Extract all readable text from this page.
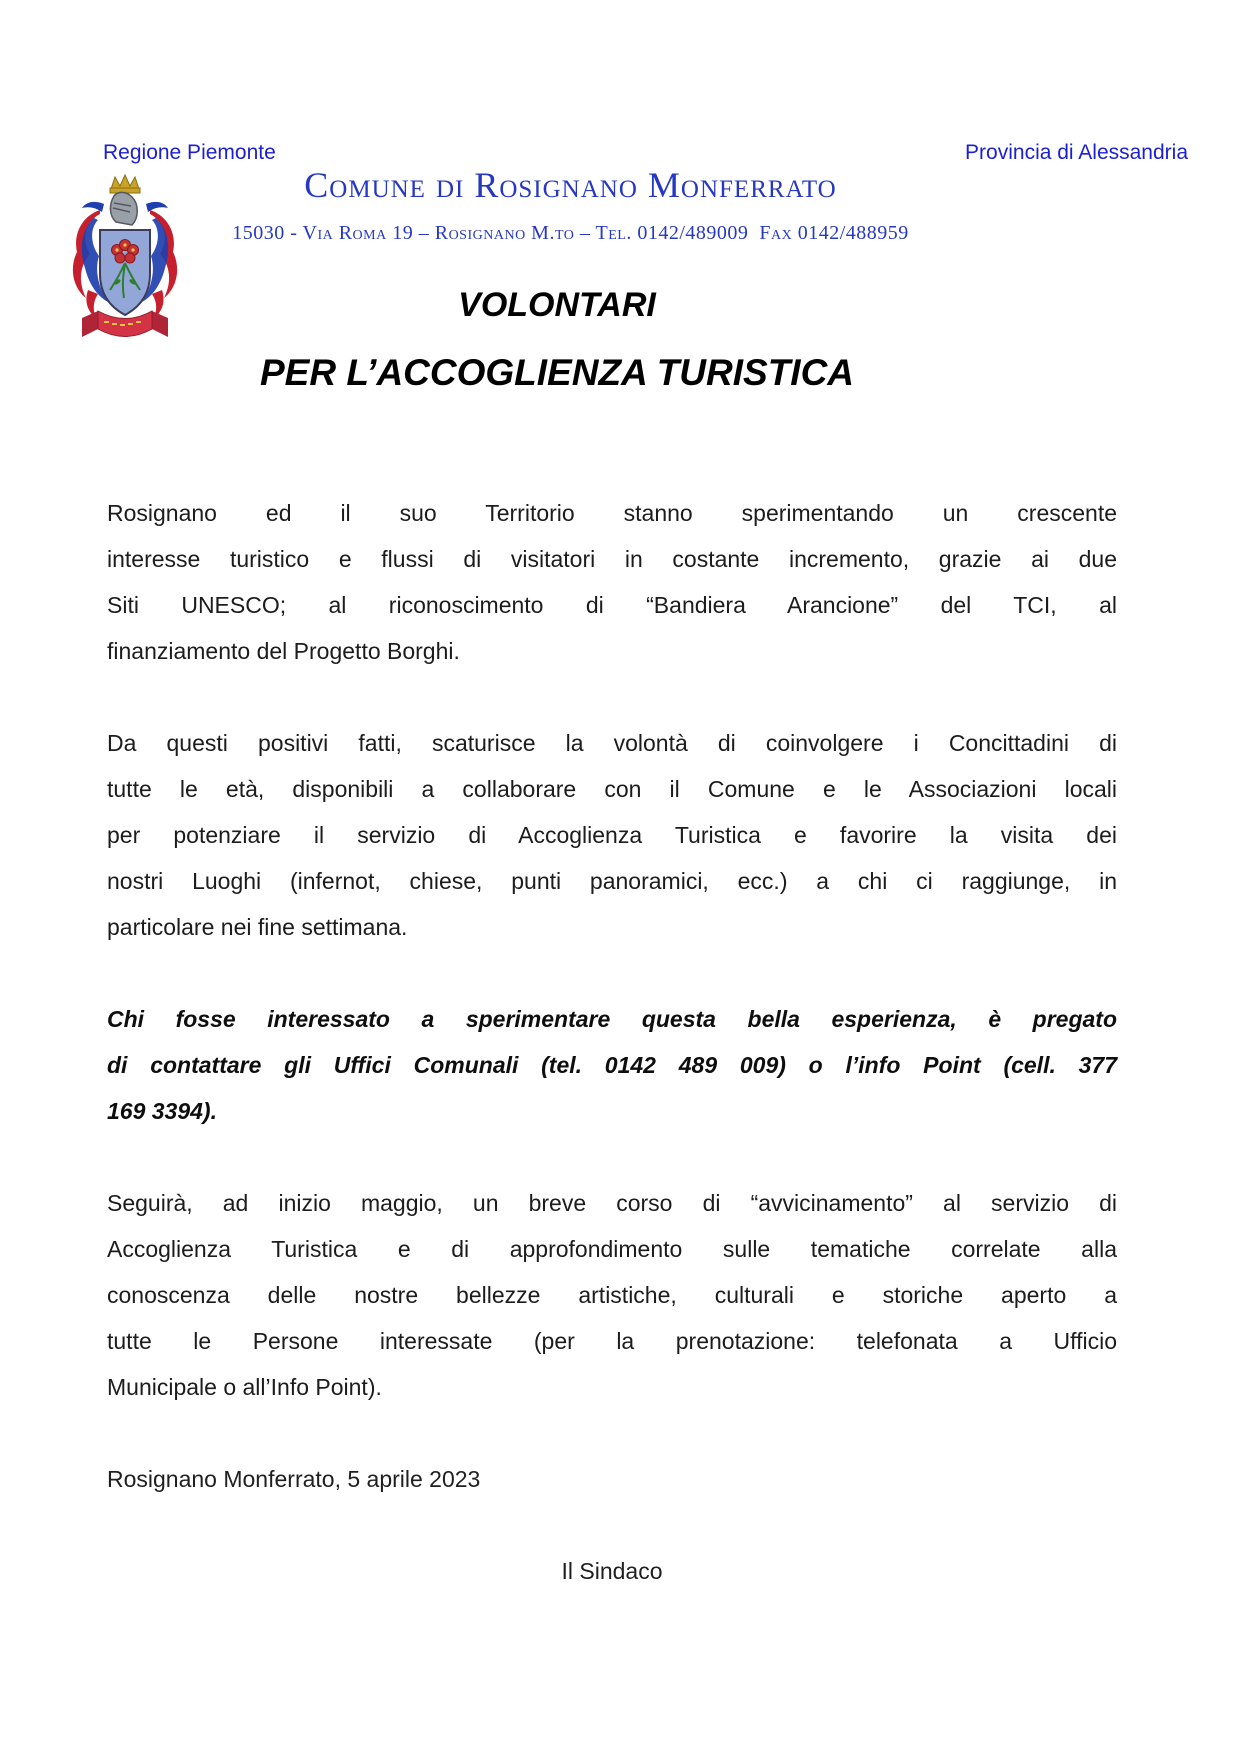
Regione Piemonte	Provincia di Alessandria
Comune di Rosignano Monferrato
15030 - Via Roma 19 – Rosignano M.to – Tel. 0142/489009  Fax 0142/488959
VOLONTARI
PER L’ACCOGLIENZA TURISTICA
Rosignano ed il suo Territorio stanno sperimentando un crescente
interesse turistico e flussi di visitatori in costante incremento, grazie ai due
Siti UNESCO; al riconoscimento di “Bandiera Arancione” del TCI, al
finanziamento del Progetto Borghi.
Da questi positivi fatti, scaturisce la volontà di coinvolgere i Concittadini di
tutte le età, disponibili a collaborare con il Comune e le Associazioni locali
per potenziare il servizio di Accoglienza Turistica e favorire la visita dei
nostri Luoghi (infernot, chiese, punti panoramici, ecc.) a chi ci raggiunge, in
particolare nei fine settimana.
Chi fosse interessato a sperimentare questa bella esperienza, è pregato
di contattare gli Uffici Comunali (tel. 0142 489 009) o l’info Point (cell. 377
169 3394).
Seguirà, ad inizio maggio, un breve corso di “avvicinamento” al servizio di
Accoglienza Turistica e di approfondimento sulle tematiche correlate alla
conoscenza delle nostre bellezze artistiche, culturali e storiche aperto a
tutte le Persone interessate (per la prenotazione: telefonata a Ufficio
Municipale o all’Info Point).
Rosignano Monferrato, 5 aprile 2023
Il Sindaco
